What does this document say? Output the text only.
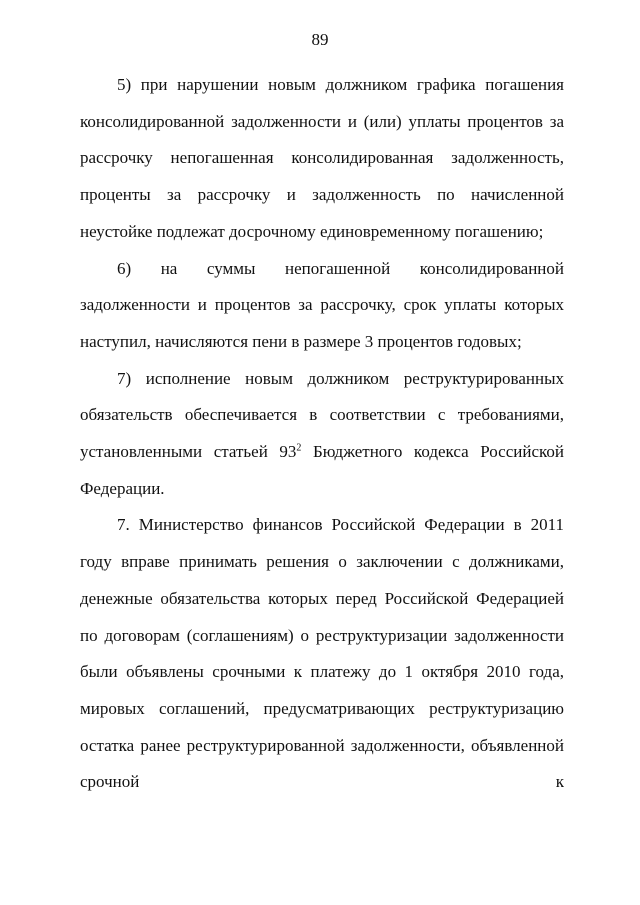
89

5) при нарушении новым должником графика погашения консолидированной задолженности и (или) уплаты процентов за рассрочку непогашенная консолидированная задолженность, проценты за рассрочку и задолженность по начисленной неустойке подлежат досрочному единовременному погашению;

6) на суммы непогашенной консолидированной задолженности и процентов за рассрочку, срок уплаты которых наступил, начисляются пени в размере 3 процентов годовых;

7) исполнение новым должником реструктурированных обязательств обеспечивается в соответствии с требованиями, установленными статьей $93^2$ Бюджетного кодекса Российской Федерации.

7. Министерство финансов Российской Федерации в 2011 году вправе принимать решения о заключении с должниками, денежные обязательства которых перед Российской Федерацией по договорам (соглашениям) о реструктуризации задолженности были объявлены срочными к платежу до 1 октября 2010 года, мировых соглашений, предусматривающих реструктуризацию остатка ранее реструктурированной задолженности, объявленной срочной к
